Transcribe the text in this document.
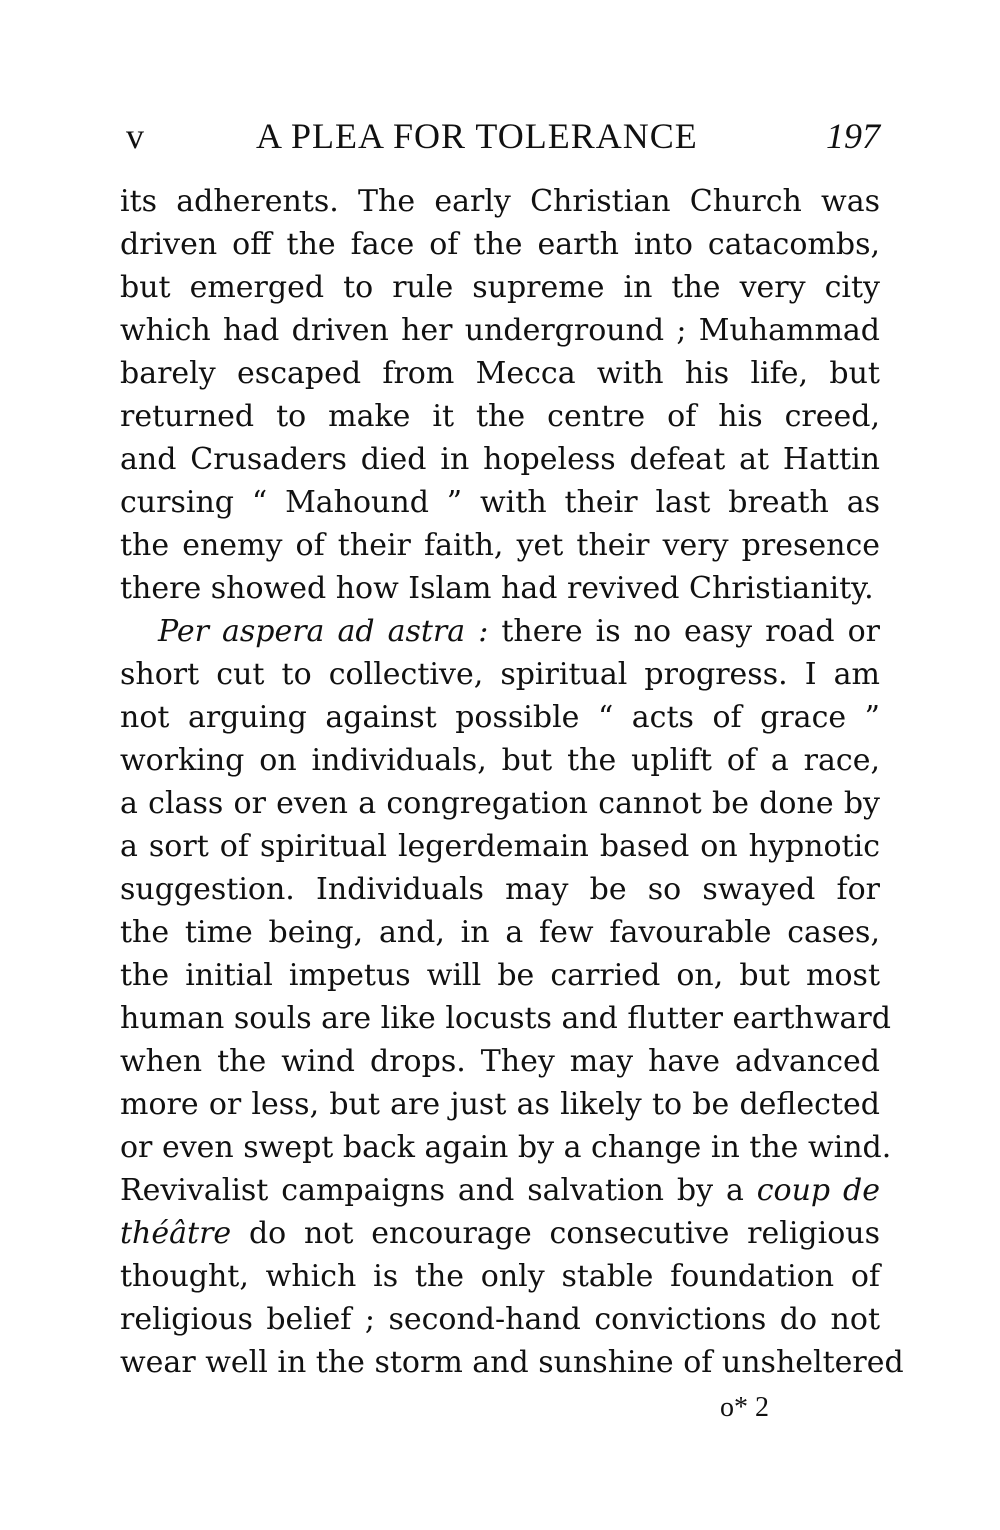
v	A PLEA FOR TOLERANCE	197
its adherents. The early Christian Church was
driven off the face of the earth into catacombs,
but emerged to rule supreme in the very city
which had driven her underground ; Muhammad
barely escaped from Mecca with his life, but
returned to make it the centre of his creed,
and Crusaders died in hopeless defeat at Hattin
cursing “ Mahound ” with their last breath as
the enemy of their faith, yet their very presence
there showed how Islam had revived Christianity.
Per aspera ad astra : there is no easy road or
short cut to collective, spiritual progress. I am
not arguing against possible “ acts of grace ”
working on individuals, but the uplift of a race,
a class or even a congregation cannot be done by
a sort of spiritual legerdemain based on hypnotic
suggestion. Individuals may be so swayed for
the time being, and, in a few favourable cases,
the initial impetus will be carried on, but most
human souls are like locusts and flutter earthward
when the wind drops. They may have advanced
more or less, but are just as likely to be deflected
or even swept back again by a change in the wind.
Revivalist campaigns and salvation by a coup de
théâtre do not encourage consecutive religious
thought, which is the only stable foundation of
religious belief ; second-hand convictions do not
wear well in the storm and sunshine of unsheltered
o* 2
